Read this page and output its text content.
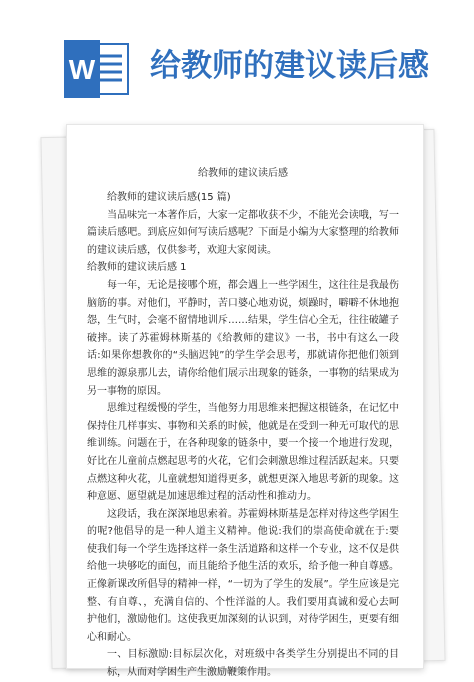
W 给教师的建议读后感
给教师的建议读后感

给教师的建议读后感(15 篇)

当品味完一本著作后，大家一定都收获不少，不能光会读哦，写一篇读后感吧。到底应如何写读后感呢？下面是小编为大家整理的给教师的建议读后感，仅供参考，欢迎大家阅读。

给教师的建议读后感 1

每一年，无论是接哪个班，都会遇上一些学困生，这往往是我最伤脑筋的事。对他们，平静时，苦口婆心地劝说，烦躁时，噼噼不休地抱怨，生气时，会毫不留情地训斥……结果，学生信心全无，往往破罐子破摔。读了苏霍姆林斯基的《给教师的建议》一书，书中有这么一段话:如果你想教你的“头脑迟钝”的学生学会思考，那就请你把他们领到思维的源泉那儿去，请你给他们展示出现象的链条，一事物的结果成为另一事物的原因。

思维过程缓慢的学生，当他努力用思维来把握这根链条，在记忆中保持住几样事实、事物和关系的时候，他就是在受到一种无可取代的思维训练。问题在于，在各种现象的链条中，要一个接一个地进行发现，好比在儿童前点燃起思考的火花，它们会刺激思维过程活跃起来。只要点燃这种火花，儿童就想知道得更多，就想更深入地思考新的现象。这种意愿、愿望就是加速思维过程的活动性和推动力。

这段话，我在深深地思索着。苏霍姆林斯基是怎样对待这些学困生的呢?他倡导的是一种人道主义精神。他说:我们的崇高使命就在于:要使我们每一个学生选择这样一条生活道路和这样一个专业，这不仅是供给他一块够吃的面包，而且能给予他生活的欢乐，给予他一种自尊感。正像新课改所倡导的精神一样，“一切为了学生的发展”。学生应该是完整、有自尊、，充满自信的、个性洋溢的人。我们要用真诚和爱心去呵护他们，激励他们。这使我更加深刻的认识到，对待学困生，更要有细心和耐心。

一、目标激励:目标层次化，对班级中各类学生分别提出不同的目标，从而对学困生产生激励鞭策作用。
